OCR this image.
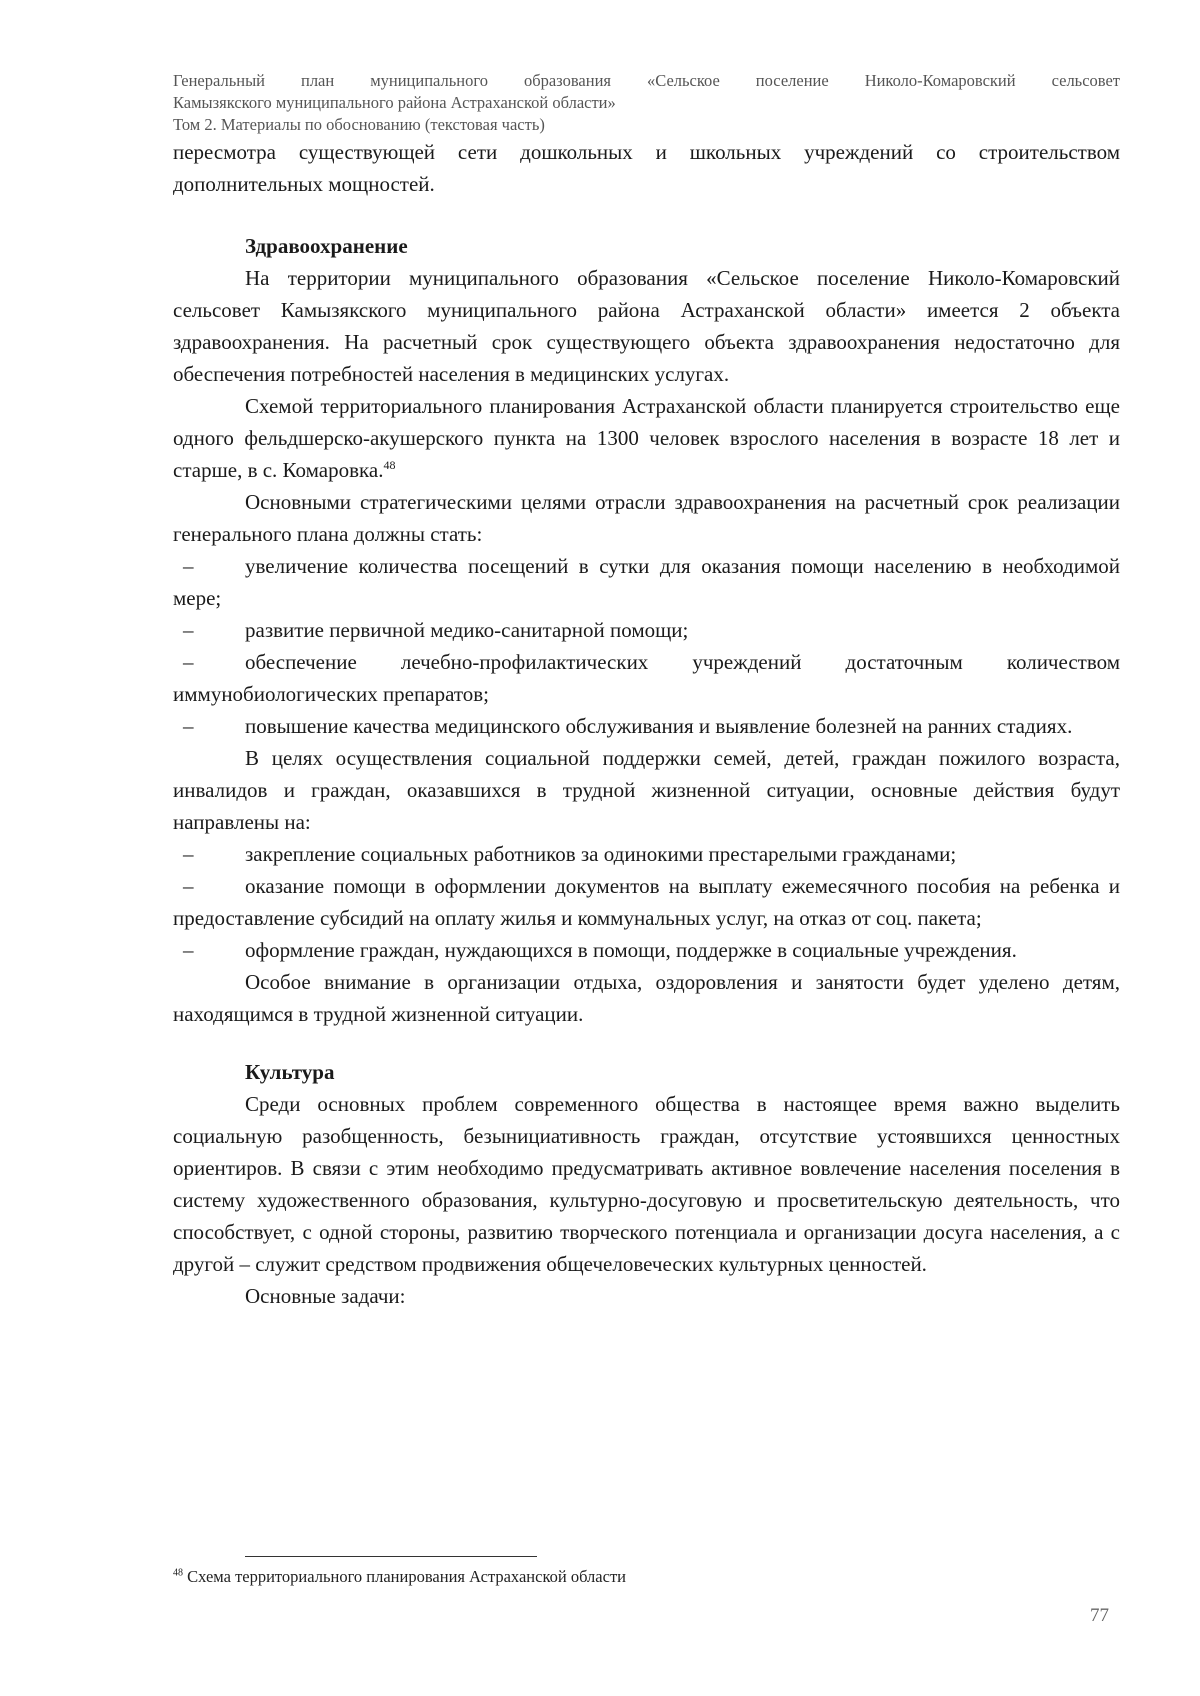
Генеральный план муниципального образования «Сельское поселение Николо-Комаровский сельсовет
Камызякского муниципального района Астраханской области»
Том 2. Материалы по обоснованию (текстовая часть)

пересмотра существующей сети дошкольных и школьных учреждений со строительством дополнительных мощностей.

Здравоохранение

На территории муниципального образования «Сельское поселение Николо-Комаровский сельсовет Камызякского муниципального района Астраханской области» имеется 2 объекта здравоохранения. На расчетный срок существующего объекта здравоохранения недостаточно для обеспечения потребностей населения в медицинских услугах.

Схемой территориального планирования Астраханской области планируется строительство еще одного фельдшерско-акушерского пункта на 1300 человек взрослого населения в возрасте 18 лет и старше, в с. Комаровка.$^{48}$

Основными стратегическими целями отрасли здравоохранения на расчетный срок реализации генерального плана должны стать:

– увеличение количества посещений в сутки для оказания помощи населению в необходимой мере;
– развитие первичной медико-санитарной помощи;
– обеспечение лечебно-профилактических учреждений достаточным количеством иммунобиологических препаратов;
– повышение качества медицинского обслуживания и выявление болезней на ранних стадиях.

В целях осуществления социальной поддержки семей, детей, граждан пожилого возраста, инвалидов и граждан, оказавшихся в трудной жизненной ситуации, основные действия будут направлены на:

– закрепление социальных работников за одинокими престарелыми гражданами;
– оказание помощи в оформлении документов на выплату ежемесячного пособия на ребенка и предоставление субсидий на оплату жилья и коммунальных услуг, на отказ от соц. пакета;
– оформление граждан, нуждающихся в помощи, поддержке в социальные учреждения.

Особое внимание в организации отдыха, оздоровления и занятости будет уделено детям, находящимся в трудной жизненной ситуации.

Культура

Среди основных проблем современного общества в настоящее время важно выделить социальную разобщенность, безынициативность граждан, отсутствие устоявшихся ценностных ориентиров. В связи с этим необходимо предусматривать активное вовлечение населения поселения в систему художественного образования, культурно-досуговую и просветительскую деятельность, что способствует, с одной стороны, развитию творческого потенциала и организации досуга населения, а с другой – служит средством продвижения общечеловеческих культурных ценностей.

Основные задачи:

$^{48}$ Схема территориального планирования Астраханской области
77
